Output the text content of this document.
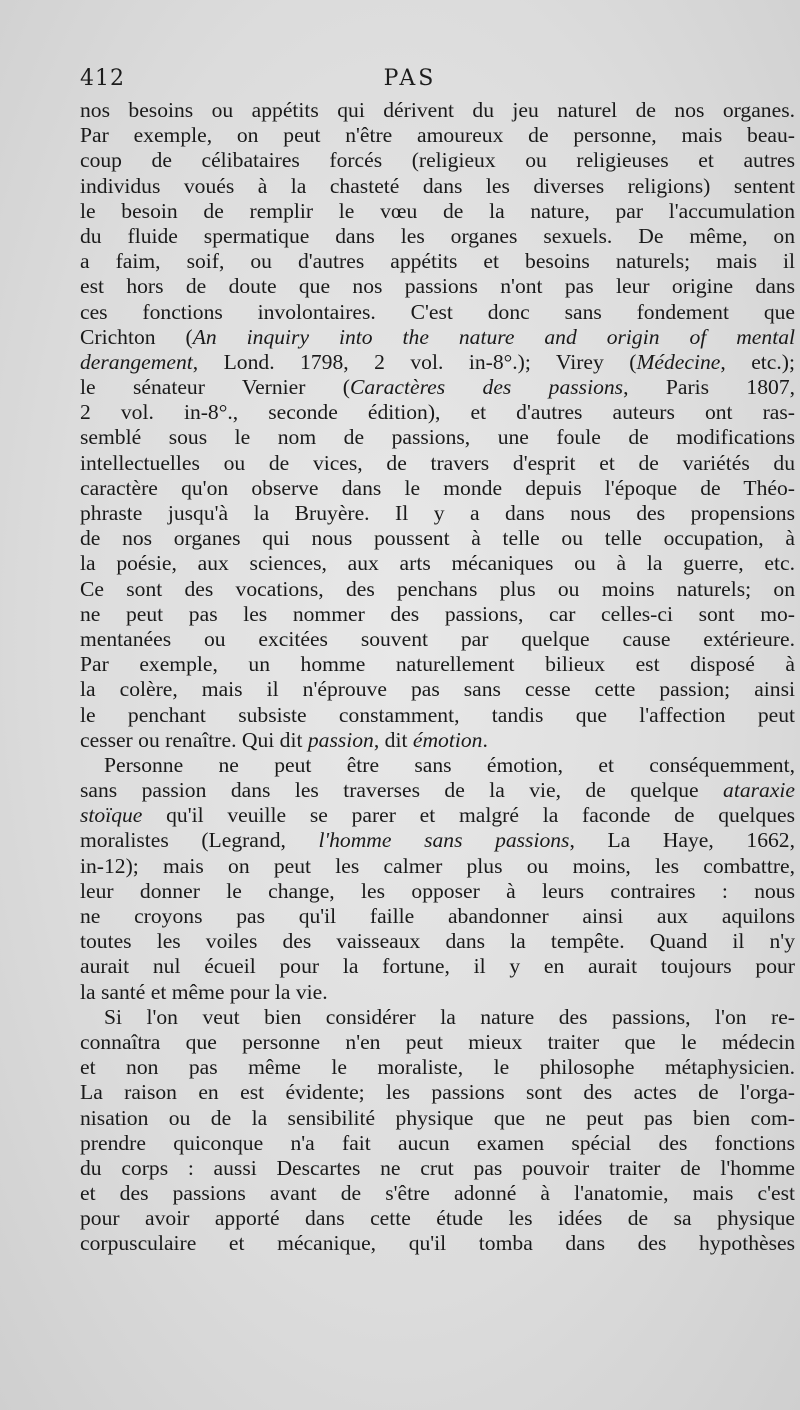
412	PAS
nos besoins ou appétits qui dérivent du jeu naturel de nos organes.
Par exemple, on peut n'être amoureux de personne, mais beau-
coup de célibataires forcés (religieux ou religieuses et autres
individus voués à la chasteté dans les diverses religions) sentent
le besoin de remplir le vœu de la nature, par l'accumulation
du fluide spermatique dans les organes sexuels. De même, on
a faim, soif, ou d'autres appétits et besoins naturels; mais il
est hors de doute que nos passions n'ont pas leur origine dans
ces fonctions involontaires. C'est donc sans fondement que
Crichton (An inquiry into the nature and origin of mental
derangement, Lond. 1798, 2 vol. in-8°.); Virey (Médecine, etc.);
le sénateur Vernier (Caractères des passions, Paris 1807,
2 vol. in-8°., seconde édition), et d'autres auteurs ont ras-
semblé sous le nom de passions, une foule de modifications
intellectuelles ou de vices, de travers d'esprit et de variétés du
caractère qu'on observe dans le monde depuis l'époque de Théo-
phraste jusqu'à la Bruyère. Il y a dans nous des propensions
de nos organes qui nous poussent à telle ou telle occupation, à
la poésie, aux sciences, aux arts mécaniques ou à la guerre, etc.
Ce sont des vocations, des penchans plus ou moins naturels; on
ne peut pas les nommer des passions, car celles-ci sont mo-
mentanées ou excitées souvent par quelque cause extérieure.
Par exemple, un homme naturellement bilieux est disposé à
la colère, mais il n'éprouve pas sans cesse cette passion; ainsi
le penchant subsiste constamment, tandis que l'affection peut
cesser ou renaître. Qui dit passion, dit émotion.
Personne ne peut être sans émotion, et conséquemment,
sans passion dans les traverses de la vie, de quelque ataraxie
stoïque qu'il veuille se parer et malgré la faconde de quelques
moralistes (Legrand, l'homme sans passions, La Haye, 1662,
in-12); mais on peut les calmer plus ou moins, les combattre,
leur donner le change, les opposer à leurs contraires : nous
ne croyons pas qu'il faille abandonner ainsi aux aquilons
toutes les voiles des vaisseaux dans la tempête. Quand il n'y
aurait nul écueil pour la fortune, il y en aurait toujours pour
la santé et même pour la vie.
Si l'on veut bien considérer la nature des passions, l'on re-
connaîtra que personne n'en peut mieux traiter que le médecin
et non pas même le moraliste, le philosophe métaphysicien.
La raison en est évidente; les passions sont des actes de l'orga-
nisation ou de la sensibilité physique que ne peut pas bien com-
prendre quiconque n'a fait aucun examen spécial des fonctions
du corps : aussi Descartes ne crut pas pouvoir traiter de l'homme
et des passions avant de s'être adonné à l'anatomie, mais c'est
pour avoir apporté dans cette étude les idées de sa physique
corpusculaire et mécanique, qu'il tomba dans des hypothèses
